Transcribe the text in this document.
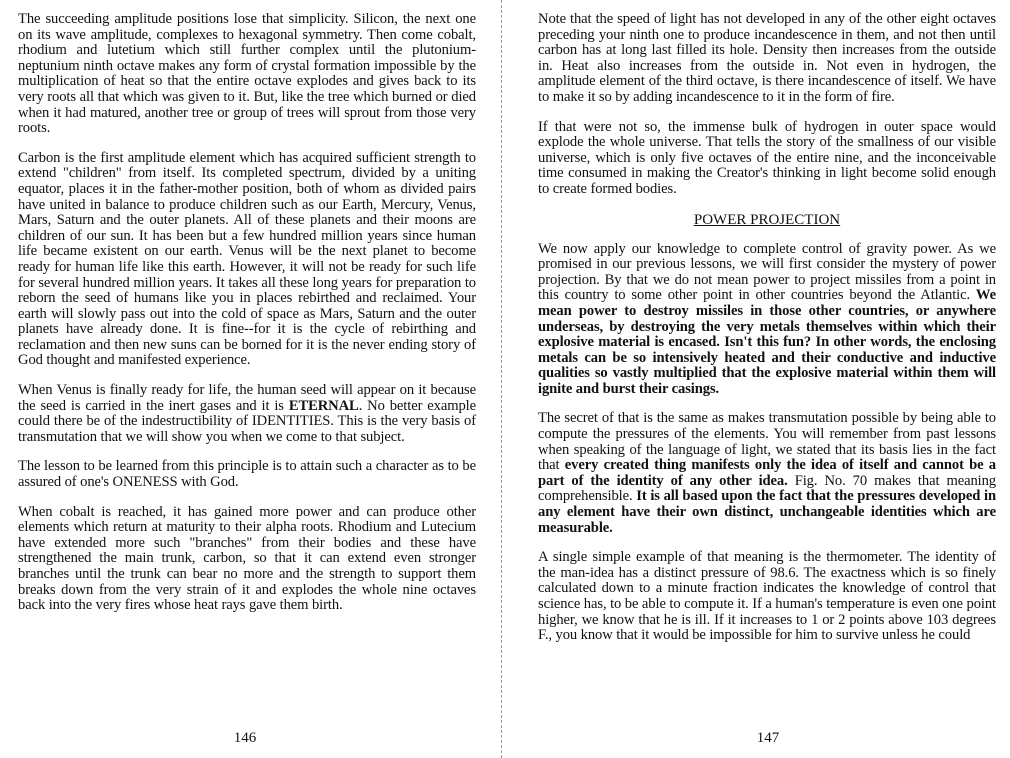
The succeeding amplitude positions lose that simplicity. Silicon, the next one on its wave amplitude, complexes to hexagonal symmetry. Then come cobalt, rhodium and lutetium which still further complex until the plutonium-neptunium ninth octave makes any form of crystal formation impossible by the multiplication of heat so that the entire octave explodes and gives back to its very roots all that which was given to it. But, like the tree which burned or died when it had matured, another tree or group of trees will sprout from those very roots.

Carbon is the first amplitude element which has acquired sufficient strength to extend "children" from itself. Its completed spectrum, divided by a uniting equator, places it in the father-mother position, both of whom as divided pairs have united in balance to produce children such as our Earth, Mercury, Venus, Mars, Saturn and the outer planets. All of these planets and their moons are children of our sun. It has been but a few hundred million years since human life became existent on our earth. Venus will be the next planet to become ready for human life like this earth. However, it will not be ready for such life for several hundred million years. It takes all these long years for preparation to reborn the seed of humans like you in places rebirthed and reclaimed. Your earth will slowly pass out into the cold of space as Mars, Saturn and the outer planets have already done. It is fine--for it is the cycle of rebirthing and reclamation and then new suns can be borned for it is the never ending story of God thought and manifested experience.

When Venus is finally ready for life, the human seed will appear on it because the seed is carried in the inert gases and it is ETERNAL. No better example could there be of the indestructibility of IDENTITIES. This is the very basis of transmutation that we will show you when we come to that subject.

The lesson to be learned from this principle is to attain such a character as to be assured of one's ONENESS with God.

When cobalt is reached, it has gained more power and can produce other elements which return at maturity to their alpha roots. Rhodium and Lutecium have extended more such "branches" from their bodies and these have strengthened the main trunk, carbon, so that it can extend even stronger branches until the trunk can bear no more and the strength to support them breaks down from the very strain of it and explodes the whole nine octaves back into the very fires whose heat rays gave them birth.

146

Note that the speed of light has not developed in any of the other eight octaves preceding your ninth one to produce incandescence in them, and not then until carbon has at long last filled its hole. Density then increases from the outside in. Heat also increases from the outside in. Not even in hydrogen, the amplitude element of the third octave, is there incandescence of itself. We have to make it so by adding incandescence to it in the form of fire.

If that were not so, the immense bulk of hydrogen in outer space would explode the whole universe. That tells the story of the smallness of our visible universe, which is only five octaves of the entire nine, and the inconceivable time consumed in making the Creator's thinking in light become solid enough to create formed bodies.

POWER PROJECTION

We now apply our knowledge to complete control of gravity power. As we promised in our previous lessons, we will first consider the mystery of power projection. By that we do not mean power to project missiles from a point in this country to some other point in other countries beyond the Atlantic. We mean power to destroy missiles in those other countries, or anywhere underseas, by destroying the very metals themselves within which their explosive material is encased. Isn't this fun? In other words, the enclosing metals can be so intensively heated and their conductive and inductive qualities so vastly multiplied that the explosive material within them will ignite and burst their casings.

The secret of that is the same as makes transmutation possible by being able to compute the pressures of the elements. You will remember from past lessons when speaking of the language of light, we stated that its basis lies in the fact that every created thing manifests only the idea of itself and cannot be a part of the identity of any other idea. Fig. No. 70 makes that meaning comprehensible. It is all based upon the fact that the pressures developed in any element have their own distinct, unchangeable identities which are measurable.

A single simple example of that meaning is the thermometer. The identity of the man-idea has a distinct pressure of 98.6. The exactness which is so finely calculated down to a minute fraction indicates the knowledge of control that science has, to be able to compute it. If a human's temperature is even one point higher, we know that he is ill. If it increases to 1 or 2 points above 103 degrees F., you know that it would be impossible for him to survive unless he could

147
